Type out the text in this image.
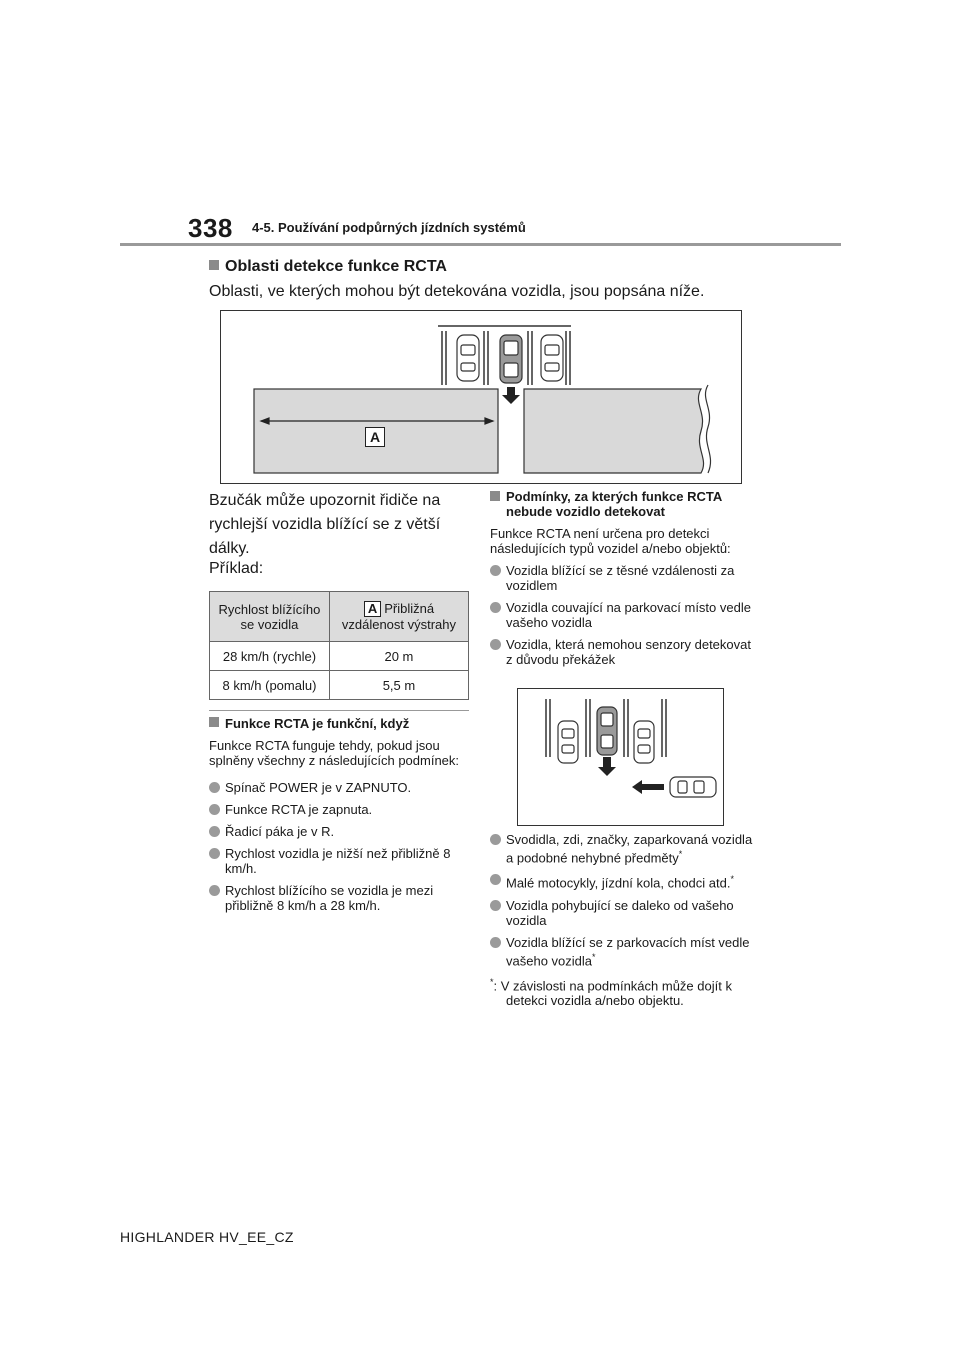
338 4-5. Používání podpůrných jízdních systémů
Oblasti detekce funkce RCTA
Oblasti, ve kterých mohou být detekována vozidla, jsou popsána níže.
A
Bzučák může upozornit řidiče na rychlejší vozidla blížící se z větší dálky.
Příklad:
Rychlost blížícího se vozidla	A Přibližná vzdálenost výstrahy
28 km/h (rychle)	20 m
8 km/h (pomalu)	5,5 m
Funkce RCTA je funkční, když
Funkce RCTA funguje tehdy, pokud jsou splněny všechny z následujících podmínek:
Spínač POWER je v ZAPNUTO.
Funkce RCTA je zapnuta.
Řadicí páka je v R.
Rychlost vozidla je nižší než přibližně 8 km/h.
Rychlost blížícího se vozidla je mezi přibližně 8 km/h a 28 km/h.
Podmínky, za kterých funkce RCTA nebude vozidlo detekovat
Funkce RCTA není určena pro detekci následujících typů vozidel a/nebo objektů:
Vozidla blížící se z těsné vzdálenosti za vozidlem
Vozidla couvající na parkovací místo vedle vašeho vozidla
Vozidla, která nemohou senzory detekovat z důvodu překážek
Svodidla, zdi, značky, zaparkovaná vozidla a podobné nehybné předměty*
Malé motocykly, jízdní kola, chodci atd.*
Vozidla pohybující se daleko od vašeho vozidla
Vozidla blížící se z parkovacích míst vedle vašeho vozidla*
*: V závislosti na podmínkách může dojít k detekci vozidla a/nebo objektu.
HIGHLANDER HV_EE_CZ
